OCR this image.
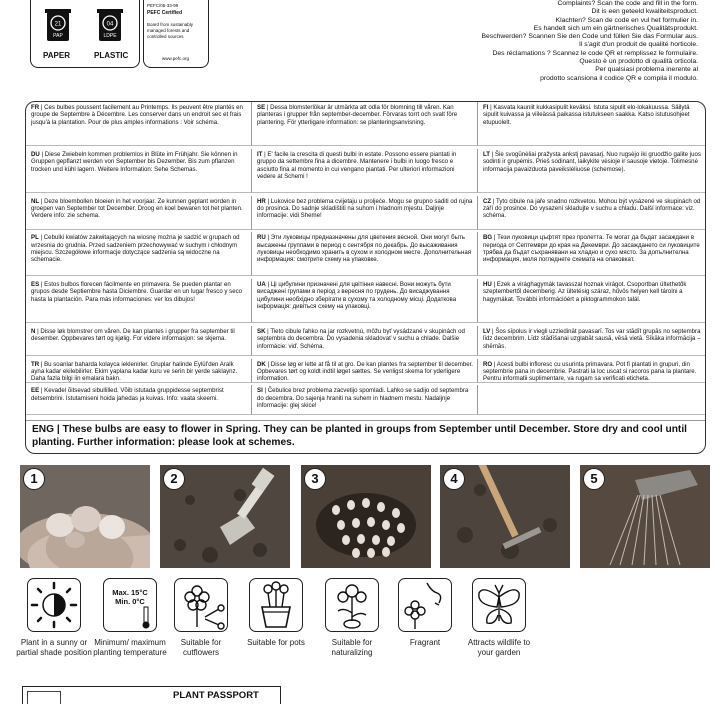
21
PAP
04
LDPE
PAPER	PLASTIC
PEFC/05-33-99
PEFC Certified
Board from sustainably managed forests and controlled sources
www.pefc.org
Complaints? Scan the code and fill in the form.
Dit is een geteeld kwaliteitsproduct.
Klachten? Scan de code en vul het formulier in.
Es handelt sich um ein gärtnerisches Qualitätsprodukt.
Beschwerden? Scannen Sie den Code und füllen Sie das Formular aus.
Il s'agit d'un produit de qualité horticole.
Des réclamations ? Scannez le code QR et remplissez le formulaire.
Questo è un prodotto di qualità orticola.
Per qualsiasi problema inerente al
prodotto scansiona il codice QR e compila il modulo.
FR | Ces bulbes poussent facilement au Printemps. Ils peuvent être plantés en groupe de Septembre à Décembre. Les conserver dans un endroit sec et frais jusqu'à la plantation. Pour de plus amples informations : Voir schéma.
SE | Dessa blomsterlökar är utmärkta att odla för blomning till våren. Kan planteras i grupper från september-december. Förvaras torrt och svalt före plantering. För ytterligare information: se planteringsanvisning.
FI | Kasvata kauniit kukkasipulit keväksi. Istuta sipulit elo-lokakuussa. Säilytä sipulit kuivassa ja viileässä paikassa istutukseen saakka. Katso istutusohjeet etupuolelt.
DU | Diese Zwiebeln kommen problemlos in Blüte im Frühjahr. Sie können in Gruppen gepflanzt werden von September bis Dezember. Bis zum pflanzen trocken und kühl lagern. Weitere Information: Sehe Schemas.
IT | E' facile la crescita di questi bulbi in estate. Possono essere piantati in gruppo da settembre fina a dicembre. Mantenere i bulbi in luogo fresco e asciutto fina al momento in cui vengano piantati. Per ulteriori informazioni vedere at Schemi !
LT | Šie svogūnėliai pražysta ankstį pavasarį. Nuo rugsėjo iki gruodžio galite juos sodinti ir grupėmis. Prieš sodinant, laikykite vėsioje ir sausoje vietoje. Tolimesnė informacija pavaizduota paveikslėliuose (schemose).
NL | Deze bloembollen bloeien in het voorjaar. Ze kunnen geplant worden in groepen van September tot December. Droog en koel bewaren tot het planten. Verdere info: zie schema.
HR | Lukovice bez problema cvijetaju u proljeće. Mogu se grupno saditi od rujna do prosinca. Do sadnje skladištiti na suhom i hladnom mjestu. Daljnje informacije: vidi Sheme!
CZ | Tyto cibule na jaře snadno rozkvetou. Mohou být vysázené ve skupinách od září do prosince. Do vysazení skladujte v suchu a chladu. Další informace: viz. schéma.
PL | Cebulki kwiatów zakwitających na wiosnę można je sadzić w grupach od wrzesnia do grudnia. Przed sadzeniem przechowywać w suchym i chłodnym miejscu. Szczegółowe informacje dotyczące sadzenia są widoczne na schemacie.
RU | Эти луковицы предназначены для цветения весной. Они могут быть высажены группами в период с сентября по декабрь. До высаживания луковицы необходимо хранить в сухом и холодном месте. Дополнительная информация: смотрите схему на упаковке.
BG | Тези луковици цъфтят през пролетта. Те могат да бъдат засаждани в периода от Септември до края на Декември. До засаждането си луковиците трябва да бъдат съхранявани на хладно и сухо място. За допълнителна информация, моля погледнете схемата на опаковкат.
ES | Estos bulbos florecen fácilmente en primavera. Se pueden plantar en grupos desde Septiembre hasta Diciembre. Guardar en un lugar fresco y seco hasta la plantación. Para más informaciones: ver los dibujos!
UA | Ці цибулини призначені для цвітіння навесні. Вони можуть бути висаджені групами в період з вересня по грудень. До висаджування цибулини необхідно зберігати в сухому та холодному місці. Додаткова інформація: дивіться схему на упаковці.
HU | Ezek a virághagymák tavasszal hoznak virágot. Csoportban ültethetők szeptembertől decemberig. Az ültetésig száraz, hűvös helyen kell tárolni a hagymákat. További információért a piktogrammokon talál.
N | Disse løk blomstrer om våren. De kan plantes i grupper fra september til desember. Oppbevares tørt og kjølig. For videre informasjon: se skjema.
SK | Tieto cibule ľahko na jar rozkvetnú, môžu byť vysádzané v skupinách od septembra do decembra. Do vysadenia skladovať v suchu a chlade. Dalšie informácie: viď. Schéma.
LV | Šos sīpolus ir viegli uzziedināt pavasarī. Tos var stādīt grupās no septembra līdz decembrim. Līdz stādīšanai uzglabāt sausā, vēsā vietā. Sīkāka informācija – shēmās.
TR | Bu soanlar baharda kolayca ieklenirler. Gruplar halinde Eylül'den Aralk ayna kadar ekilebilirler. Ekim yaplana kadar kuru ve serin bir yerde saklaynz. Daha fazla bilgi iin emalara bakn.
DK | Disse løg er lette at få til at gro. De kan plantes fra september til december. Opbevares tørt og koldt indtil løget sættes. Se venligst skema for yderligere information.
RO | Acesti bulbi infloresc cu usurinta primavara. Pot fi plantati in grupuri, din septembrie pana in decembrie. Pastrati la loc uscat si racoros pana la plantare. Pentru informatii suplimentare, va rugam sa verificati eticheta.
EE | Kevadel õitsevad sibullilled. Võib istutada gruppidesse septembrist detsembrini. Istutamiseni hoida jahedas ja kuivas. Info: vaata skeemi.
SI | Čebulice brez problema zacvetijo spomladi. Lahko se sadijo od septembra do decembra. Do sajenja hraniti na suhem in hladnem mestu. Nadaljnje informacije: glej skice!
ENG | These bulbs are easy to flower in Spring. They can be planted in groups from September until December. Store dry and cool until planting. Further information: please look at schemes.
1	2	3	4	5
Plant in a sunny or partial shade position
Max. 15°C Min. 0°C
Minimum/ maximum planting temperature
Suitable for cutflowers
Suitable for pots	Suitable for naturalizing
Fragrant	Attracts wildlife to your garden
PLANT PASSPORT
